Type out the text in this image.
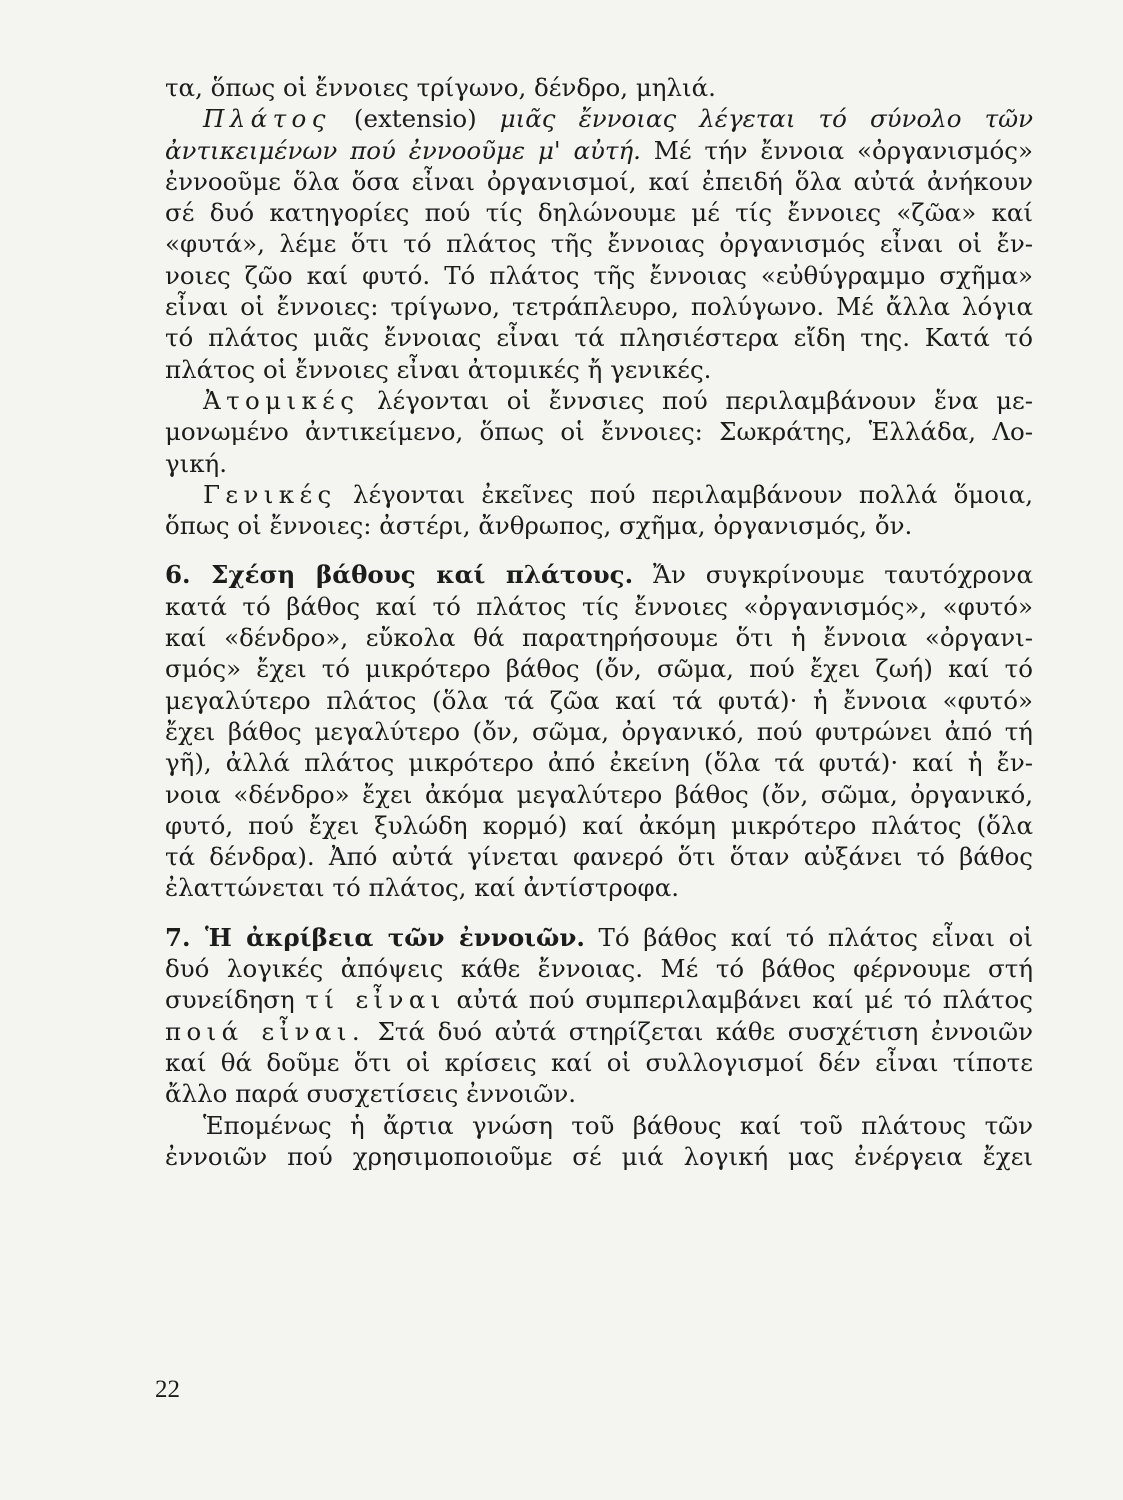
τα, ὅπως οἱ ἔννοιες τρίγωνο, δένδρο, μηλιά.
Πλάτος (extensio) μιᾶς ἔννοιας λέγεται τό σύνολο τῶν
ἀντικειμένων πού ἐννοοῦμε μ' αὐτή. Μέ τήν ἔννοια «ὀργανισμός»
ἐννοοῦμε ὅλα ὅσα εἶναι ὀργανισμοί, καί ἐπειδή ὅλα αὐτά ἀνήκουν
σέ δυό κατηγορίες πού τίς δηλώνουμε μέ τίς ἔννοιες «ζῶα» καί
«φυτά», λέμε ὅτι τό πλάτος τῆς ἔννοιας ὀργανισμός εἶναι οἱ ἔν-
νοιες ζῶο καί φυτό. Τό πλάτος τῆς ἔννοιας «εὐθύγραμμο σχῆμα»
εἶναι οἱ ἔννοιες: τρίγωνο, τετράπλευρο, πολύγωνο. Μέ ἄλλα λόγια
τό πλάτος μιᾶς ἔννοιας εἶναι τά πλησιέστερα εἴδη της. Κατά τό
πλάτος οἱ ἔννοιες εἶναι ἀτομικές ἤ γενικές.
Ἀτομικές λέγονται οἱ ἔννσιες πού περιλαμβάνουν ἕνα με-
μονωμένο ἀντικείμενο, ὅπως οἱ ἔννοιες: Σωκράτης, Ἑλλάδα, Λο-
γική.
Γενικές λέγονται ἐκεῖνες πού περιλαμβάνουν πολλά ὅμοια,
ὅπως οἱ ἔννοιες: ἀστέρι, ἄνθρωπος, σχῆμα, ὀργανισμός, ὄν.
6. Σχέση βάθους καί πλάτους. Ἄν συγκρίνουμε ταυτόχρονα
κατά τό βάθος καί τό πλάτος τίς ἔννοιες «ὀργανισμός», «φυτό»
καί «δένδρο», εὔκολα θά παρατηρήσουμε ὅτι ἡ ἔννοια «ὀργανι-
σμός» ἔχει τό μικρότερο βάθος (ὄν, σῶμα, πού ἔχει ζωή) καί τό
μεγαλύτερο πλάτος (ὅλα τά ζῶα καί τά φυτά)· ἡ ἔννοια «φυτό»
ἔχει βάθος μεγαλύτερο (ὄν, σῶμα, ὀργανικό, πού φυτρώνει ἀπό τή
γῆ), ἀλλά πλάτος μικρότερο ἀπό ἐκείνη (ὅλα τά φυτά)· καί ἡ ἔν-
νοια «δένδρο» ἔχει ἀκόμα μεγαλύτερο βάθος (ὄν, σῶμα, ὀργανικό,
φυτό, πού ἔχει ξυλώδη κορμό) καί ἀκόμη μικρότερο πλάτος (ὅλα
τά δένδρα). Ἀπό αὐτά γίνεται φανερό ὅτι ὅταν αὐξάνει τό βάθος
ἐλαττώνεται τό πλάτος, καί ἀντίστροφα.
7. Ἡ ἀκρίβεια τῶν ἐννοιῶν. Τό βάθος καί τό πλάτος εἶναι οἱ
δυό λογικές ἀπόψεις κάθε ἔννοιας. Μέ τό βάθος φέρνουμε στή
συνείδηση τί εἶναι αὐτά πού συμπεριλαμβάνει καί μέ τό πλάτος
ποιά εἶναι. Στά δυό αὐτά στηρίζεται κάθε συσχέτιση ἐννοιῶν
καί θά δοῦμε ὅτι οἱ κρίσεις καί οἱ συλλογισμοί δέν εἶναι τίποτε
ἄλλο παρά συσχετίσεις ἐννοιῶν.
Ἑπομένως ἡ ἄρτια γνώση τοῦ βάθους καί τοῦ πλάτους τῶν
ἐννοιῶν πού χρησιμοποιοῦμε σέ μιά λογική μας ἐνέργεια ἔχει
22
